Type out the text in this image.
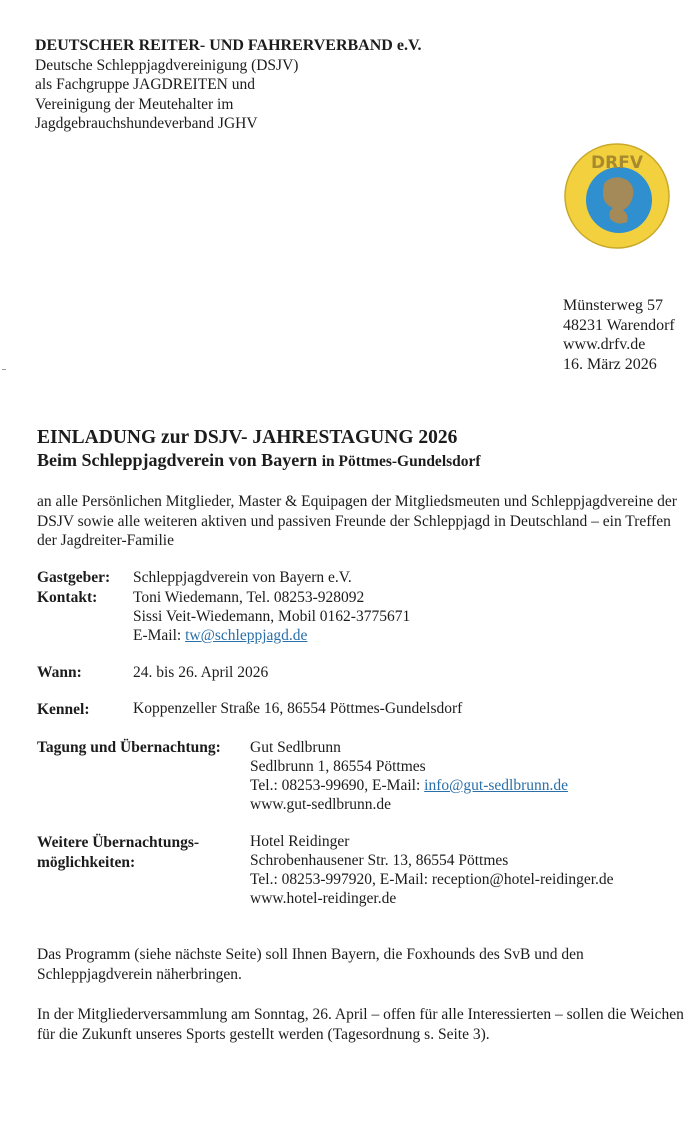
DEUTSCHER REITER- UND FAHRERVERBAND e.V.
Deutsche Schleppjagdvereinigung (DSJV)
als Fachgruppe JAGDREITEN und
Vereinigung der Meutehalter im
Jagdgebrauchshundeverband JGHV
DRFV
Münsterweg 57
48231 Warendorf
www.drfv.de
16. März 2026
EINLADUNG zur DSJV- JAHRESTAGUNG 2026
Beim Schleppjagdverein von Bayern in Pöttmes-Gundelsdorf
an alle Persönlichen Mitglieder, Master & Equipagen der Mitgliedsmeuten und Schleppjagdvereine der DSJV sowie alle weiteren aktiven und passiven Freunde der Schleppjagd in Deutschland – ein Treffen der Jagdreiter-Familie
Gastgeber: Schleppjagdverein von Bayern e.V.
Kontakt: Toni Wiedemann, Tel. 08253-928092
Sissi Veit-Wiedemann, Mobil 0162-3775671
E-Mail: tw@schleppjagd.de
Wann:	24. bis 26. April 2026
Kennel:	Koppenzeller Straße 16, 86554 Pöttmes-Gundelsdorf
Tagung und Übernachtung: Gut Sedlbrunn
Sedlbrunn 1, 86554 Pöttmes
Tel.: 08253-99690, E-Mail: info@gut-sedlbrunn.de
www.gut-sedlbrunn.de
Weitere Übernachtungs-
möglichkeiten:
Hotel Reidinger
Schrobenhausener Str. 13, 86554 Pöttmes
Tel.: 08253-997920, E-Mail: reception@hotel-reidinger.de
www.hotel-reidinger.de
Das Programm (siehe nächste Seite) soll Ihnen Bayern, die Foxhounds des SvB und den Schleppjagdverein näherbringen.
In der Mitgliederversammlung am Sonntag, 26. April – offen für alle Interessierten – sollen die Weichen für die Zukunft unseres Sports gestellt werden (Tagesordnung s. Seite 3).
